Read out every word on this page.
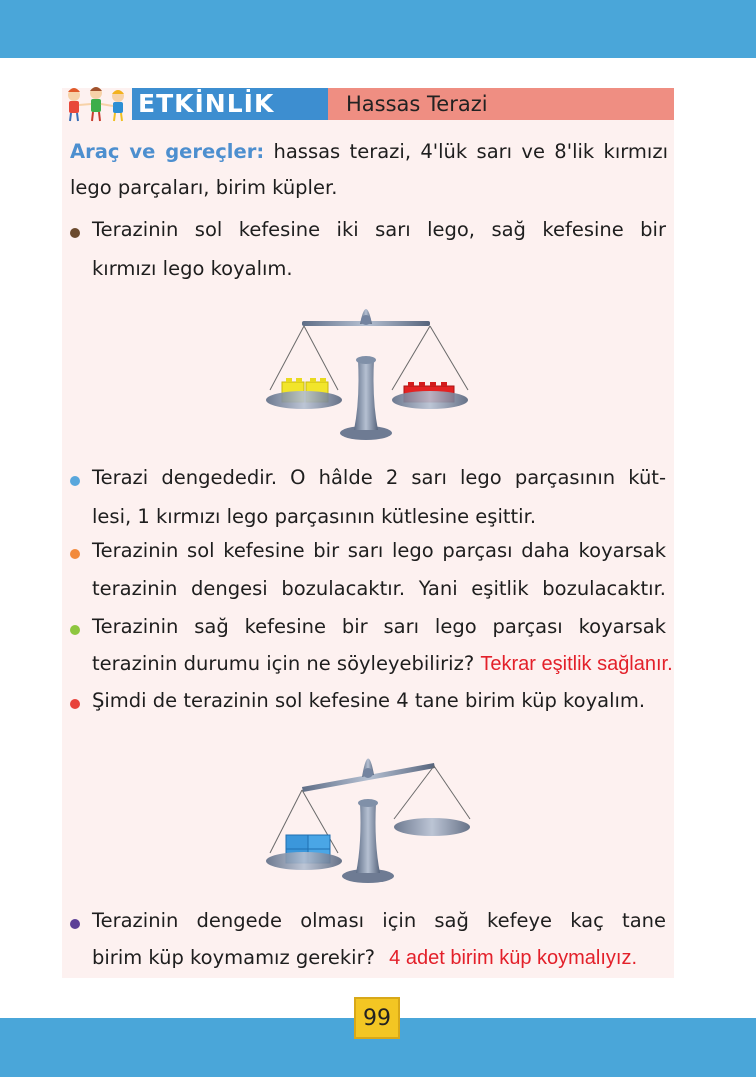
ETKİNLİK	Hassas Terazi
Araç ve gereçler: hassas terazi, 4'lük sarı ve 8'lik kırmızı
lego parçaları, birim küpler.
Terazinin sol kefesine iki sarı lego, sağ kefesine bir
kırmızı lego koyalım.
Terazi dengededir. O hâlde 2 sarı lego parçasının küt-
lesi, 1 kırmızı lego parçasının kütlesine eşittir.
Terazinin sol kefesine bir sarı lego parçası daha koyarsak
terazinin dengesi bozulacaktır. Yani eşitlik bozulacaktır.
Terazinin sağ kefesine bir sarı lego parçası koyarsak
terazinin durumu için ne söyleyebiliriz? Tekrar eşitlik sağlanır.
Şimdi de terazinin sol kefesine 4 tane birim küp koyalım.
Terazinin dengede olması için sağ kefeye kaç tane
birim küp koymamız gerekir? 4 adet birim küp koymalıyız.
99
